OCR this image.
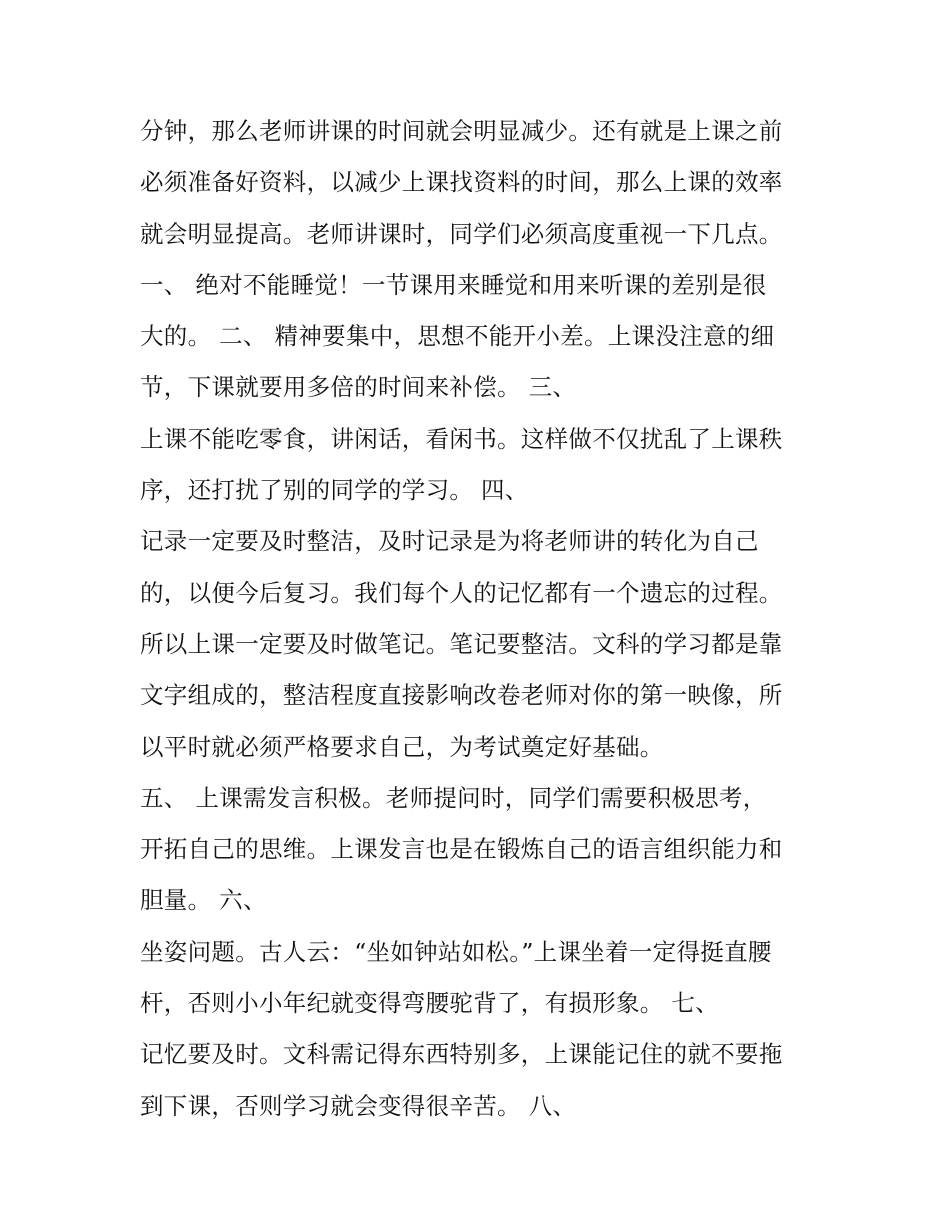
分钟，那么老师讲课的时间就会明显减少。还有就是上课之前
必须准备好资料，以减少上课找资料的时间，那么上课的效率
就会明显提高。老师讲课时，同学们必须高度重视一下几点。
一、 绝对不能睡觉！一节课用来睡觉和用来听课的差别是很
大的。 二、 精神要集中，思想不能开小差。上课没注意的细
节，下课就要用多倍的时间来补偿。 三、
上课不能吃零食，讲闲话，看闲书。这样做不仅扰乱了上课秩
序，还打扰了别的同学的学习。 四、
记录一定要及时整洁，及时记录是为将老师讲的转化为自己
的，以便今后复习。我们每个人的记忆都有一个遗忘的过程。
所以上课一定要及时做笔记。笔记要整洁。文科的学习都是靠
文字组成的，整洁程度直接影响改卷老师对你的第一映像，所
以平时就必须严格要求自己，为考试奠定好基础。
五、 上课需发言积极。老师提问时，同学们需要积极思考，
开拓自己的思维。上课发言也是在锻炼自己的语言组织能力和
胆量。 六、
坐姿问题。古人云：“坐如钟站如松。”上课坐着一定得挺直腰
杆，否则小小年纪就变得弯腰驼背了，有损形象。 七、
记忆要及时。文科需记得东西特别多，上课能记住的就不要拖
到下课，否则学习就会变得很辛苦。 八、
